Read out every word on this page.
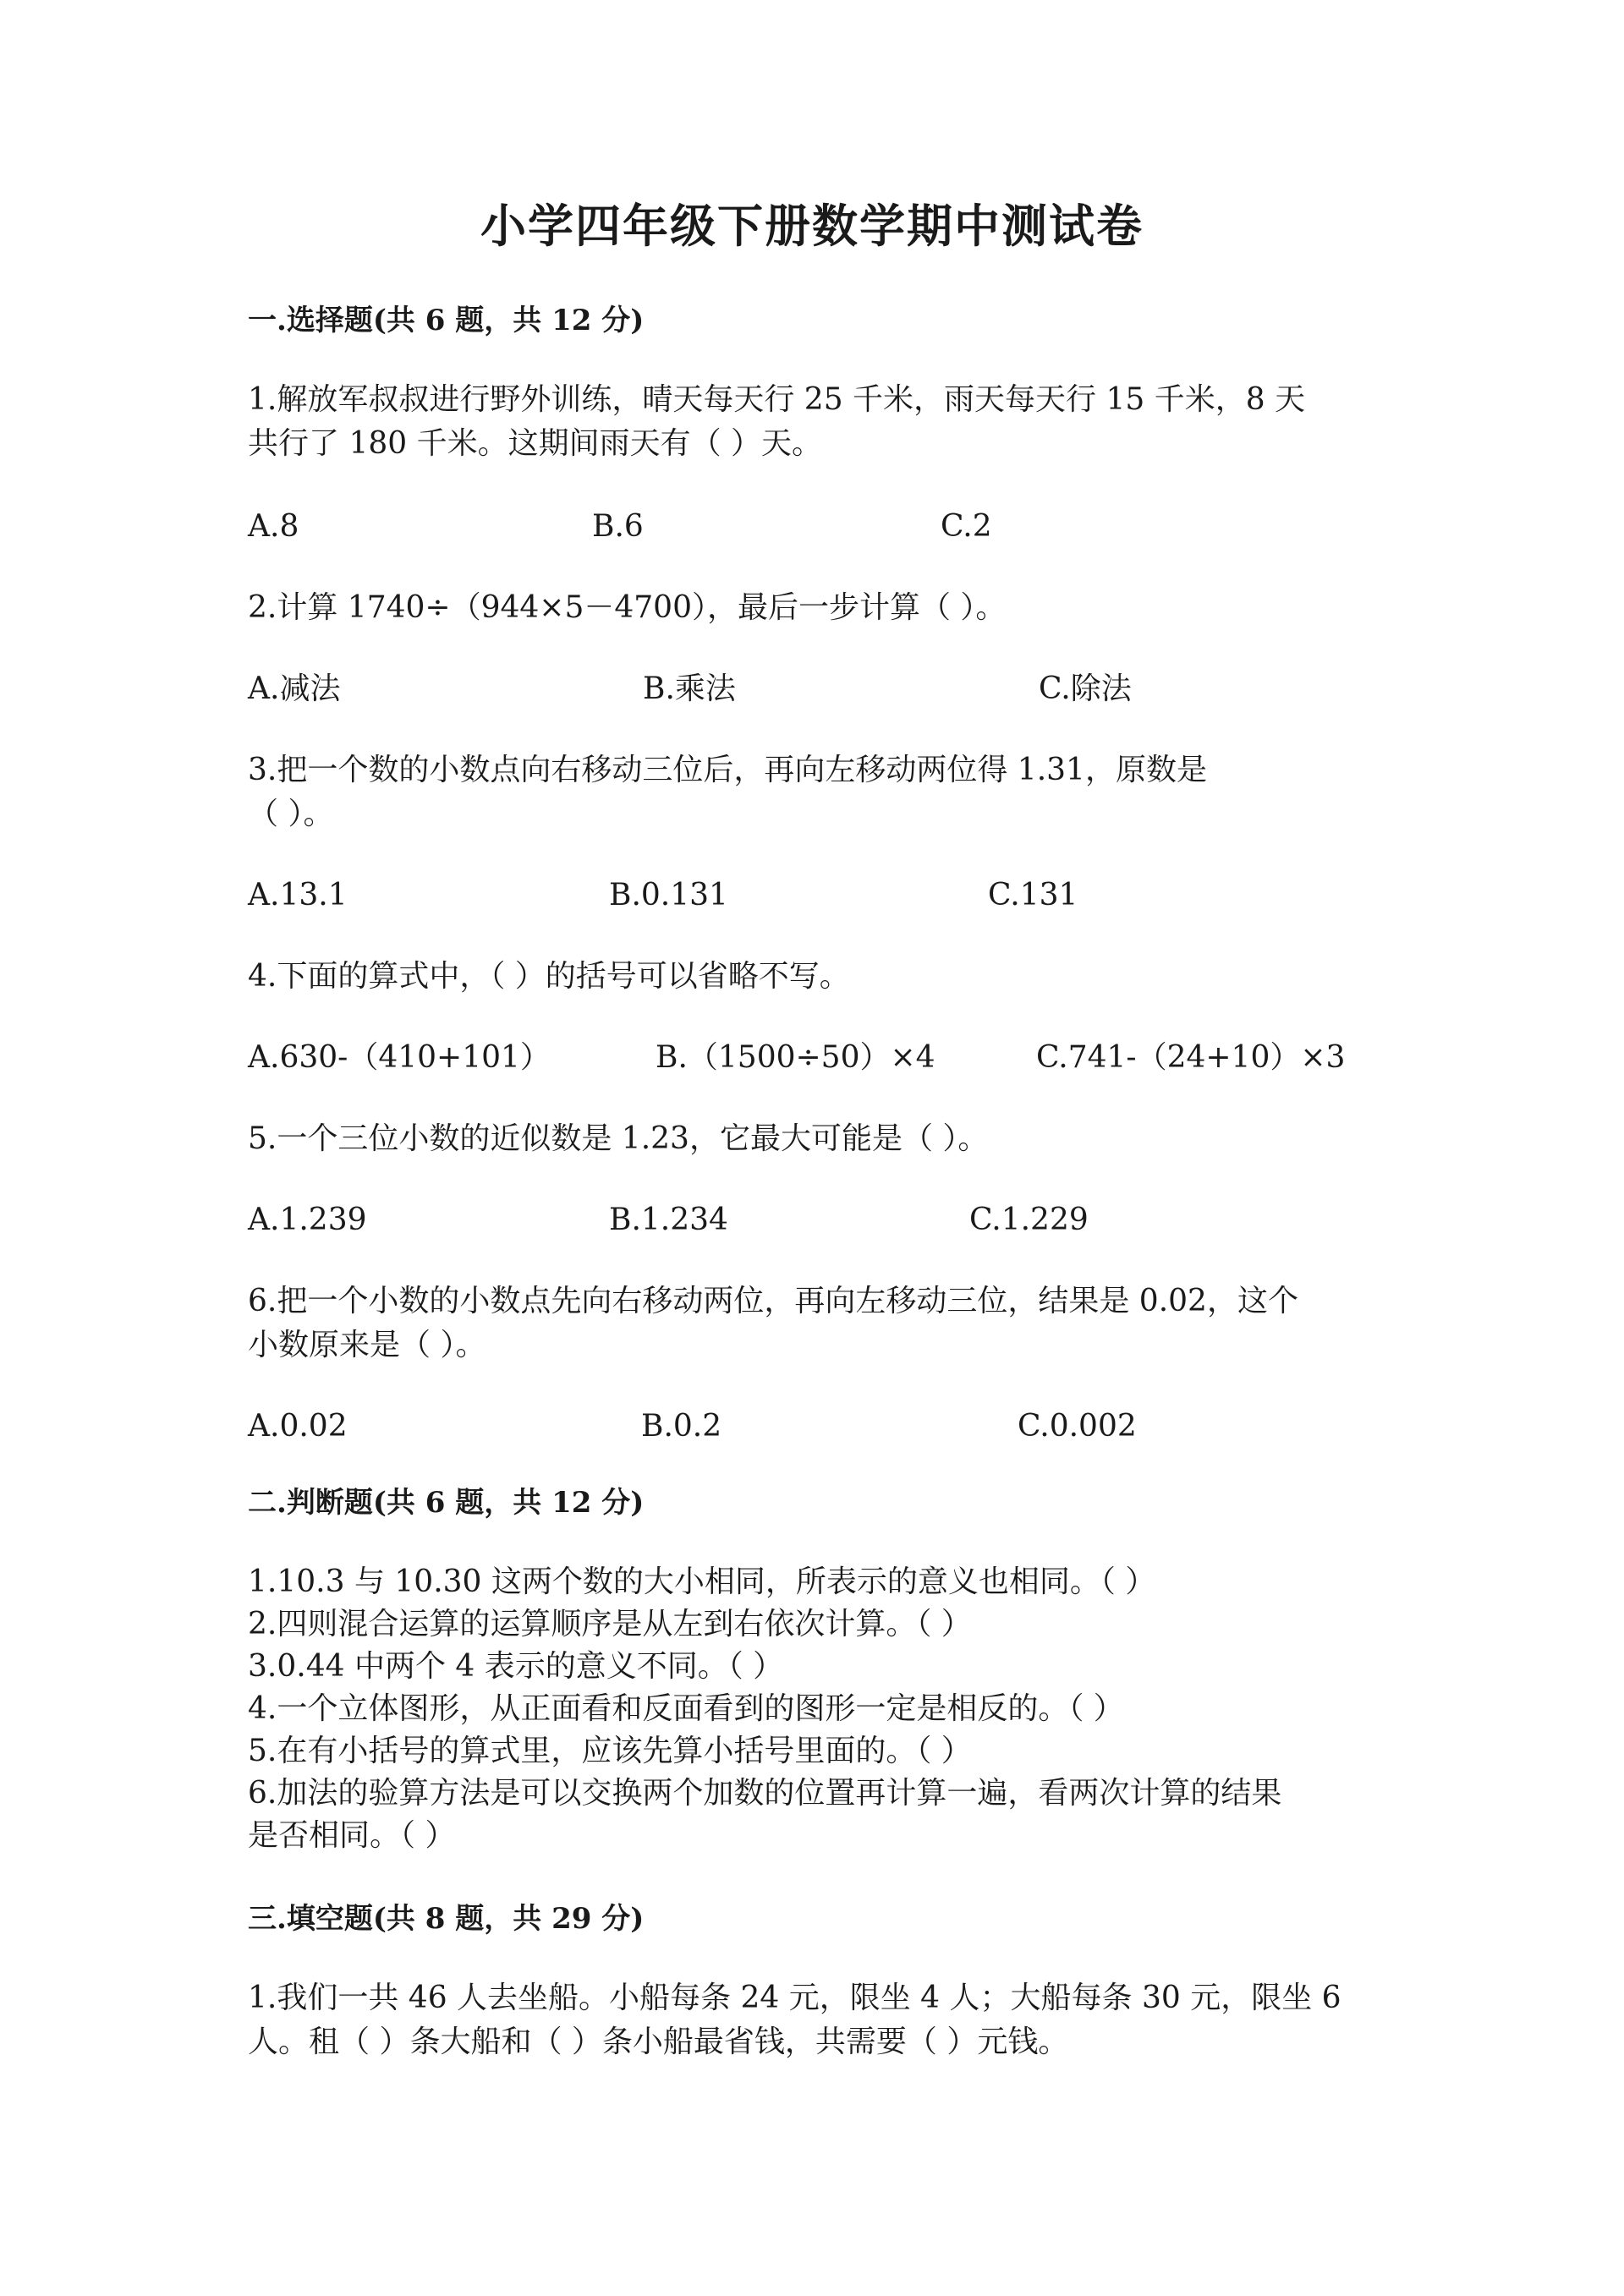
小学四年级下册数学期中测试卷
一.选择题(共 6 题，共 12 分)
1.解放军叔叔进行野外训练，晴天每天行 25 千米，雨天每天行 15 千米，8 天
共行了 180 千米。这期间雨天有（ ）天。
A.8	B.6	C.2
2.计算 1740÷（944×5－4700），最后一步计算（ ）。
A.减法	B.乘法	C.除法
3.把一个数的小数点向右移动三位后，再向左移动两位得 1.31，原数是
（ ）。
A.13.1	B.0.131	C.131
4.下面的算式中，（ ）的括号可以省略不写。
A.630-（410+101）	B.（1500÷50）×4	C.741-（24+10）×3
5.一个三位小数的近似数是 1.23，它最大可能是（ ）。
A.1.239	B.1.234	C.1.229
6.把一个小数的小数点先向右移动两位，再向左移动三位，结果是 0.02，这个
小数原来是（ ）。
A.0.02	B.0.2	C.0.002
二.判断题(共 6 题，共 12 分)
1.10.3 与 10.30 这两个数的大小相同，所表示的意义也相同。（ ）
2.四则混合运算的运算顺序是从左到右依次计算。（ ）
3.0.44 中两个 4 表示的意义不同。（ ）
4.一个立体图形，从正面看和反面看到的图形一定是相反的。（ ）
5.在有小括号的算式里，应该先算小括号里面的。（ ）
6.加法的验算方法是可以交换两个加数的位置再计算一遍，看两次计算的结果
是否相同。（ ）
三.填空题(共 8 题，共 29 分)
1.我们一共 46 人去坐船。小船每条 24 元，限坐 4 人；大船每条 30 元，限坐 6
人。租（ ）条大船和（ ）条小船最省钱，共需要（ ）元钱。
